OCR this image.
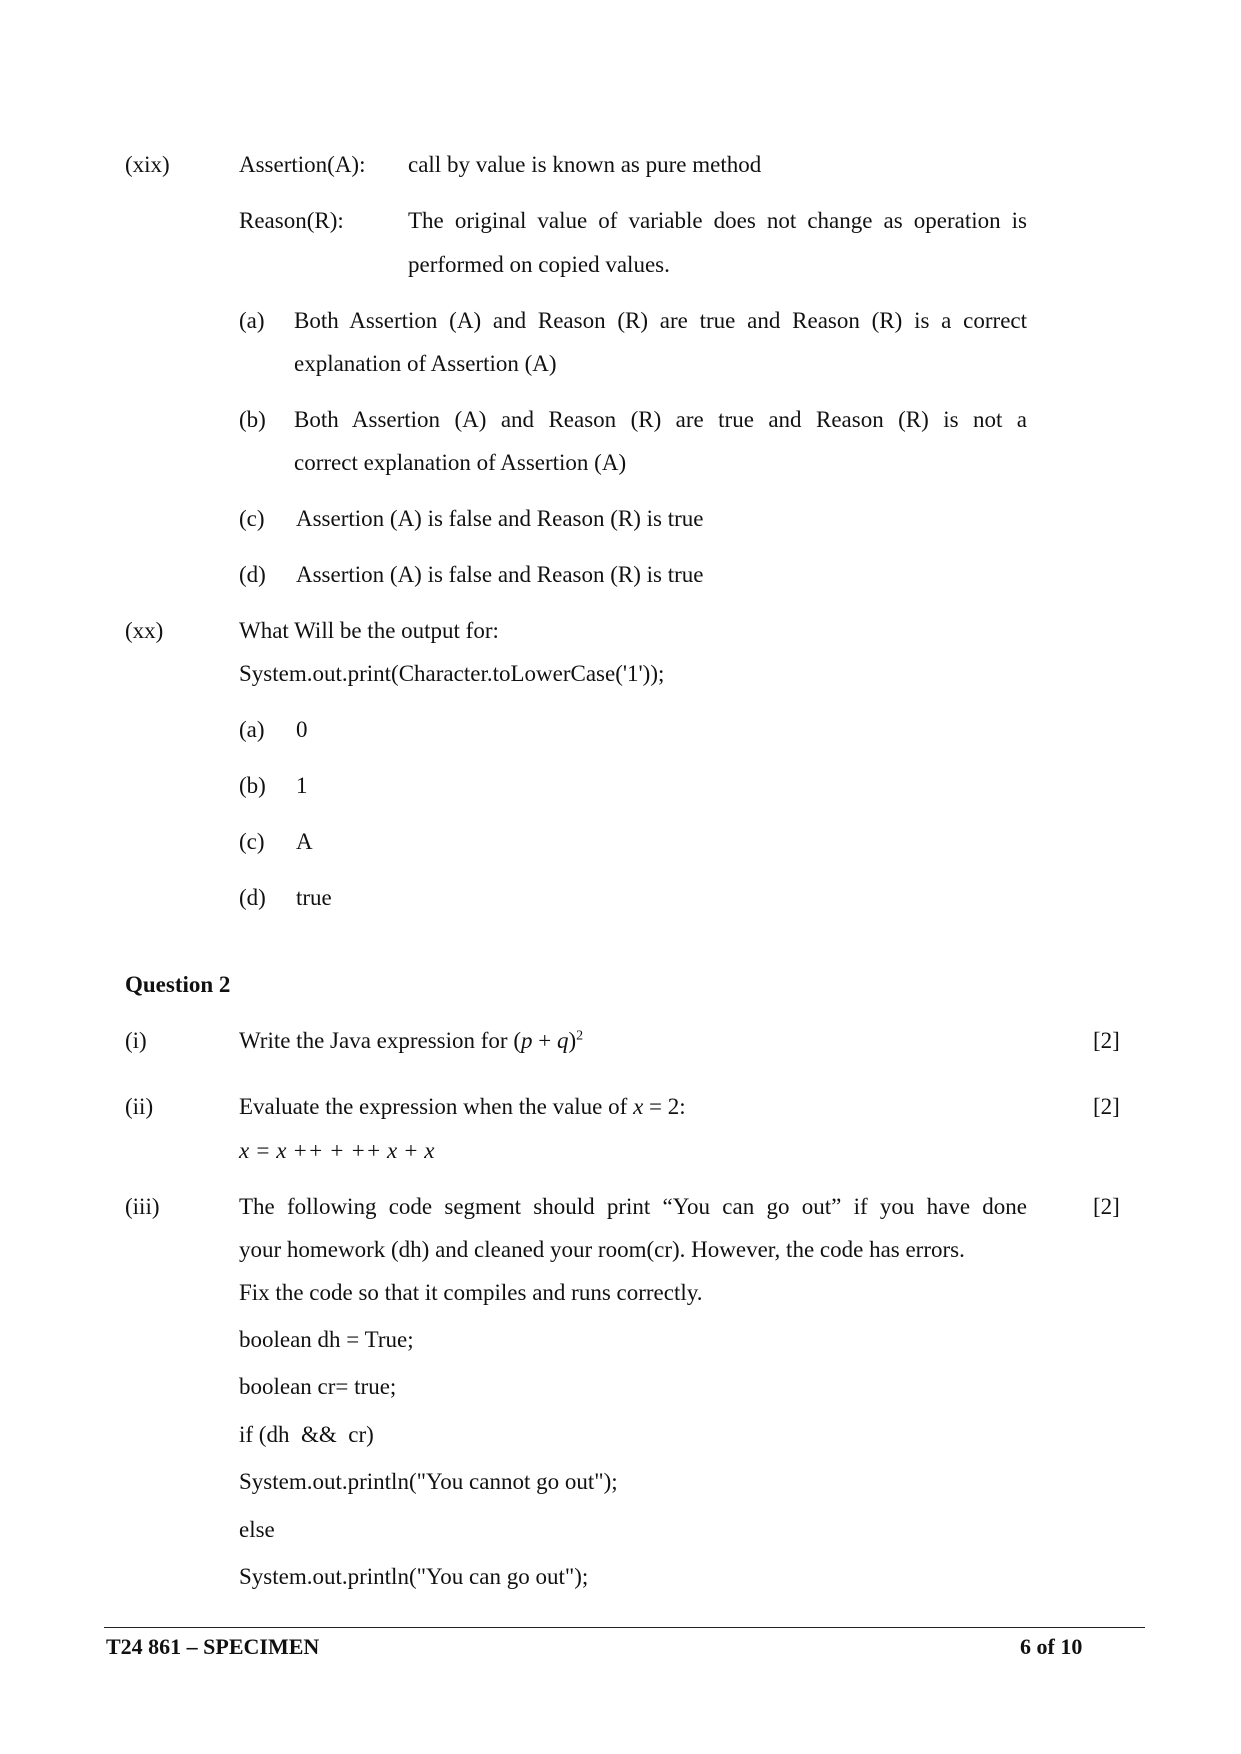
(xix)	Assertion(A): call by value is known as pure method
Reason(R):	The original value of variable does not change as operation is
performed on copied values.
(a) Both Assertion (A) and Reason (R) are true and Reason (R) is a correct
explanation of Assertion (A)
(b) Both Assertion (A) and Reason (R) are true and Reason (R) is not a
correct explanation of Assertion (A)
(c) Assertion (A) is false and Reason (R) is true
(d) Assertion (A) is false and Reason (R) is true
(xx)	What Will be the output for:
System.out.print(Character.toLowerCase('1'));
(a) 0
(b) 1
(c) A
(d) true
Question 2
(i)	Write the Java expression for $(p + q)^2$	[2]
(ii)	Evaluate the expression when the value of x = 2:	[2]
x = x ++ + ++ x + x
(iii)	The following code segment should print “You can go out” if you have done	[2]
your homework (dh) and cleaned your room(cr). However, the code has errors.
Fix the code so that it compiles and runs correctly.
boolean dh = True;
boolean cr= true;
if (dh  &&  cr)
System.out.println("You cannot go out");
else
System.out.println("You can go out");
T24 861 – SPECIMEN	6 of 10
